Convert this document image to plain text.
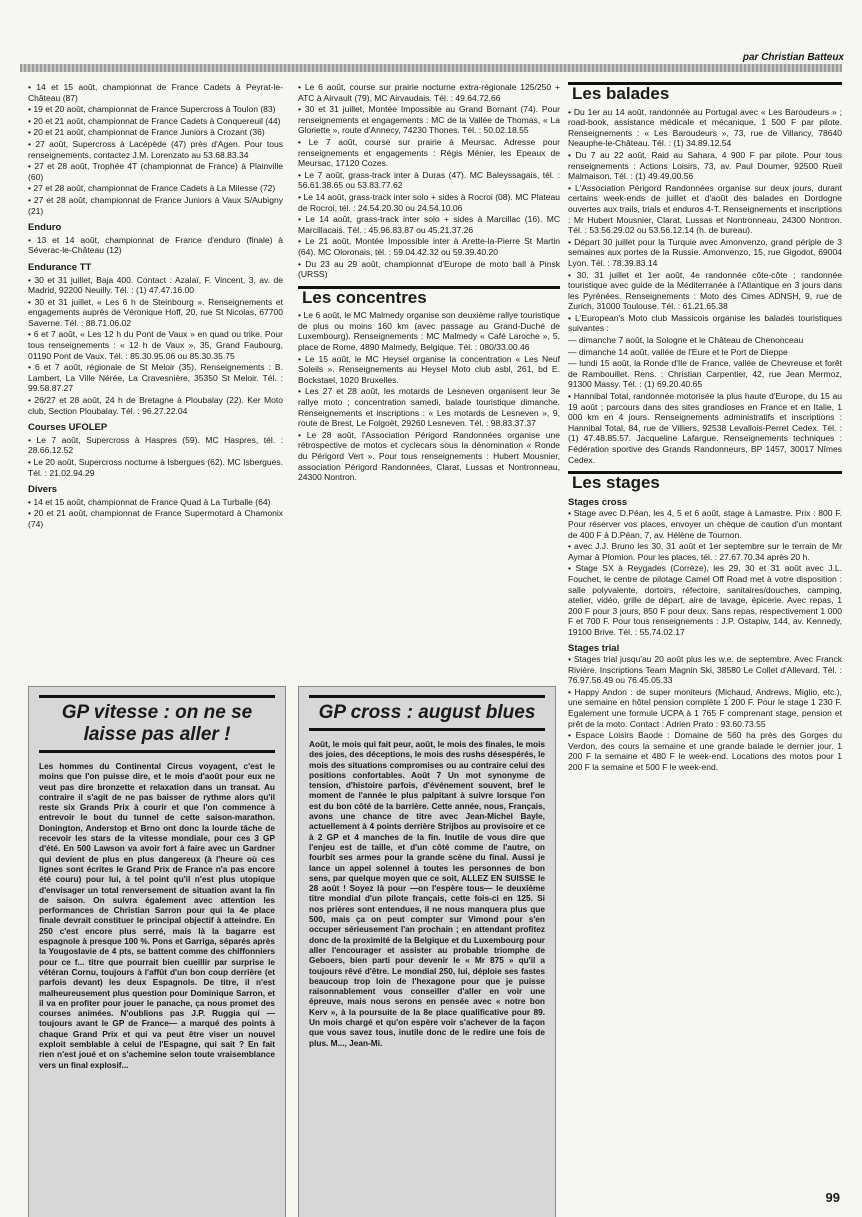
par Christian Batteux
• 14 et 15 août, championnat de France Cadets à Peyrat-le-Château (87)
• 19 et 20 août, championnat de France Supercross à Toulon (83)
• 20 et 21 août, championnat de France Cadets à Conquereuil (44)
• 20 et 21 août, championnat de France Juniors à Crozant (36)
• 27 août, Supercross à Lacépède (47) près d'Agen. Pour tous renseignements, contactez J.M. Lorenzato au 53.68.83.34
• 27 et 28 août, Trophée 4T (championnat de France) à Plainville (60)
• 27 et 28 août, championnat de France Cadets à La Milesse (72)
• 27 et 28 août, championnat de France Juniors à Vaux S/Aubigny (21)
Enduro
• 13 et 14 août, championnat de France d'enduro (finale) à Séverac-le-Château (12)
Endurance TT
• 30 et 31 juillet, Baja 400. Contact : Azalaï, F. Vincent, 3, av. de Madrid, 92200 Neuilly. Tél. : (1) 47.47.16.00
• 30 et 31 juillet, « Les 6 h de Steinbourg ». Renseignements et engagements auprès de Véronique Hoff, 20, rue St Nicolas, 67700 Saverne. Tél. : 88.71.06.02
• 6 et 7 août, « Les 12 h du Pont de Vaux » en quad ou trike. Pour tous renseignements : « 12 h de Vaux », 35, Grand Faubourg, 01190 Pont de Vaux. Tél. : 85.30.95.06 ou 85.30.35.75
• 6 et 7 août, régionale de St Meloir (35). Renseignements : B. Lambert, La Ville Nérée, La Cravesnière, 35350 St Meloir. Tél. : 99.58.87.27
• 26/27 et 28 août, 24 h de Bretagne à Ploubalay (22). Ker Moto club, Section Ploubalay. Tél. : 96.27.22.04
Courses UFOLEP
• Le 7 août, Supercross à Haspres (59). MC Haspres, tél. : 28.66.12.52
• Le 20 août, Supercross nocturne à Isbergues (62). MC Isbergues. Tél. : 21.02.94.29
Divers
• 14 et 15 août, championnat de France Quad à La Turballe (64)
• 20 et 21 août, championnat de France Supermotard à Chamonix (74)
• Le 6 août, course sur prairie nocturne extra-régionale 125/250 + ATC à Airvault (79), MC Airvaudais. Tél. : 49.64.72.66
• 30 et 31 juillet, Montée Impossible au Grand Bornant (74). Pour renseignements et engagements : MC de la Vallée de Thomas, « La Gloriette », route d'Annecy, 74230 Thones. Tél. : 50.02.18.55
• Le 7 août, course sur prairie à Meursac. Adresse pour renseignements et engagements : Régis Ménier, les Epeaux de Meursac, 17120 Cozes.
• Le 7 août, grass-track inter à Duras (47). MC Baleyssagais, tél. : 56.61.38.65 ou 53.83.77.62
• Le 14 août, grass-track inter solo + sides à Rocroi (08). MC Plateau de Rocroi, tél. : 24.54.20.30 ou 24.54.10.06
• Le 14 août, grass-track inter solo + sides à Marcillac (16). MC Marcillacais. Tél. : 45.96.83.87 ou 45.21.37.26
• Le 21 août, Montée Impossible inter à Arette-la-Pierre St Martin (64). MC Oloronais, tél. : 59.04.42.32 ou 59.39.40.20
• Du 23 au 29 août, championnat d'Europe de moto ball à Pinsk (URSS)
Les concentres
• Le 6 août, le MC Malmedy organise son deuxième rallye touristique de plus ou moins 160 km (avec passage au Grand-Duché de Luxembourg). Renseignements : MC Malmedy « Café Laroche », 5, place de Rome, 4890 Malmedy, Belgique. Tél. : 080/33.00.46
• Le 15 août, le MC Heysel organise la concentration « Les Neuf Soleils ». Renseignements au Heysel Moto club asbl, 261, bd E. Bockstael, 1020 Bruxelles.
• Les 27 et 28 août, les motards de Lesneven organisent leur 3e rallye moto ; concentration samedi, balade touristique dimanche. Renseignements et inscriptions : « Les motards de Lesneven », 9, route de Brest, Le Folgoët, 29260 Lesneven. Tél. : 98.83.37.37
• Le 28 août, l'Association Périgord Randonnées organise une rétrospective de motos et cyclecars sous la dénomination « Ronde du Périgord Vert ». Pour tous renseignements : Hubert Mousnier, association Périgord Randonnées, Clarat, Lussas et Nontronneau, 24300 Nontron.
Les balades
• Du 1er au 14 août, randonnée au Portugal avec « Les Baroudeurs » ; road-book, assistance médicale et mécanique, 1 500 F par pilote. Renseignements : « Les Baroudeurs », 73, rue de Villancy, 78640 Neauphe-le-Château. Tél. : (1) 34.89.12.54
• Du 7 au 22 août, Raid au Sahara, 4 900 F par pilote. Pour tous renseignements : Actions Loisirs, 73, av. Paul Doumer, 92500 Rueil Malmaison. Tél. : (1) 49.49.00.56
• L'Association Périgord Randonnées organise sur deux jours, durant certains week-ends de juillet et d'août des balades en Dordogne ouvertes aux trails, trials et enduros 4-T. Renseignements et inscriptions : Mr Hubert Mousnier, Clarat, Lussas et Nontronneau, 24300 Nontron. Tél. : 53.56.29.02 ou 53.56.12.14 (h. de bureau).
• Départ 30 juillet pour la Turquie avec Amonvenzo, grand périple de 3 semaines aux portes de la Russie. Amonvenzo, 15, rue Gigodot, 69004 Lyon. Tél. : 78.39.83.14
• 30, 31 juillet et 1er août, 4e randonnée côte-côte ; randonnée touristique avec guide de la Méditerranée à l'Atlantique en 3 jours dans les Pyrénées. Renseignements : Moto des Cimes ADNSH, 9, rue de Zurich, 31000 Toulouse. Tél. : 61.21.65.38
• L'European's Moto club Massicois organise les balades touristiques suivantes :
— dimanche 7 août, la Sologne et le Château de Chenonceau
— dimanche 14 août, vallée de l'Eure et le Port de Dieppe
— lundi 15 août, la Ronde d'Ile de France, vallée de Chevreuse et forêt de Rambouillet. Rens. : Christian Carpentier, 42, rue Jean Mermoz, 91300 Massy. Tél. : (1) 69.20.40.65
• Hannibal Total, randonnée motorisée la plus haute d'Europe, du 15 au 19 août ; parcours dans des sites grandioses en France et en Italie, 1 000 km en 4 jours. Renseignements administratifs et inscriptions : Hannibal Total, 84, rue de Villiers, 92538 Levallois-Perret Cedex. Tél. : (1) 47.48.85.57. Jacqueline Lafargue. Renseignements techniques : Fédération sportive des Grands Randonneurs, BP 1457, 30017 Nîmes Cedex.
Les stages
Stages cross
• Stage avec D.Péan, les 4, 5 et 6 août, stage à Lamastre. Prix : 800 F. Pour réserver vos places, envoyer un chèque de caution d'un montant de 400 F à D.Péan, 7, av. Hélène de Tournon.
• avec J.J. Bruno les 30, 31 août et 1er septembre sur le terrain de Mr Aymar à Plomion. Pour les places, tél. : 27.67.70.34 après 20 h.
• Stage SX à Reygades (Corrèze), les 29, 30 et 31 août avec J.L. Fouchet, le centre de pilotage Camel Off Road met à votre disposition : salle polyvalente, dortoirs, réfectoire, sanitaires/douches, camping, atelier, vidéo, grille de départ, aire de lavage, épicerie. Avec repas, 1 200 F pour 3 jours, 850 F pour deux. Sans repas, respectivement 1 000 F et 700 F. Pour tous renseignements : J.P. Ostapiw, 144, av. Kennedy, 19100 Brive. Tél. : 55.74.02.17
Stages trial
• Stages trial jusqu'au 20 août plus les w.e. de septembre. Avec Franck Rivière. Inscriptions Team Magnin Ski, 38580 Le Collet d'Allevard. Tél. : 76.97.56.49 ou 76.45.05.33
• Happy Andon : de super moniteurs (Michaud, Andrews, Miglio, etc.), une semaine en hôtel pension complète 1 200 F. Pour le stage 1 230 F. Egalement une formule UCPA à 1 765 F comprenant stage, pension et prêt de la moto. Contact : Adrien Prato : 93.60.73.55
• Espace Loisirs Baode : Domaine de 560 ha près des Gorges du Verdon, des cours la semaine et une grande balade le dernier jour. 1 200 F la semaine et 480 F le week-end. Locations des motos pour 1 200 F la semaine et 500 F le week-end.
GP vitesse : on ne se laisse pas aller !
Les hommes du Continental Circus voyagent, c'est le moins que l'on puisse dire, et le mois d'août pour eux ne veut pas dire bronzette et relaxation dans un transat. Au contraire il s'agit de ne pas baisser de rythme alors qu'il reste six Grands Prix à courir et que l'on commence à entrevoir le bout du tunnel de cette saison-marathon. Donington, Anderstop et Brno ont donc la lourde tâche de recevoir les stars de la vitesse mondiale, pour ces 3 GP d'été. En 500 Lawson va avoir fort à faire avec un Gardner qui devient de plus en plus dangereux (à l'heure où ces lignes sont écrites le Grand Prix de France n'a pas encore été couru) pour lui, à tel point qu'il n'est plus utopique d'envisager un total renversement de situation avant la fin de saison. On suivra également avec attention les performances de Christian Sarron pour qui la 4e place finale devrait constituer le principal objectif à atteindre. En 250 c'est encore plus serré, mais là la bagarre est espagnole à presque 100 %. Pons et Garriga, séparés après la Yougoslavie de 4 pts, se battent comme des chiffonniers pour ce f... titre que pourrait bien cueillir par surprise le vétéran Cornu, toujours à l'affût d'un bon coup derrière (et parfois devant) les deux Espagnols. De titre, il n'est malheureusement plus question pour Dominique Sarron, et il va en profiter pour jouer le panache, ça nous promet des courses animées. N'oublions pas J.P. Ruggia qui —toujours avant le GP de France— a marqué des points à chaque Grand Prix et qui va peut être viser un nouvel exploit semblable à celui de l'Espagne, qui sait ? En fait rien n'est joué et on s'achemine selon toute vraisemblance vers un final explosif...
GP cross : august blues
Août, le mois qui fait peur, août, le mois des finales, le mois des joies, des déceptions, le mois des rushs désespérés, le mois des situations compromises ou au contraire celui des positions confortables. Août 7 Un mot synonyme de tension, d'histoire parfois, d'événement souvent, bref le moment de l'année le plus palpitant à suivre lorsque l'on est du bon côté de la barrière. Cette année, nous, Français, avons une chance de titre avec Jean-Michel Bayle, actuellement à 4 points derrière Strijbos au provisoire et ce à 2 GP et 4 manches de la fin. Inutile de vous dire que l'enjeu est de taille, et d'un côté comme de l'autre, on fourbit ses armes pour la grande scène du final. Aussi je lance un appel solennel à toutes les personnes de bon sens, par quelque moyen que ce soit, ALLEZ EN SUISSE le 28 août ! Soyez là pour —on l'espère tous— le deuxième titre mondial d'un pilote français, cette fois-ci en 125. Si nos prières sont entendues, il ne nous manquera plus que 500, mais ça on peut compter sur Vimond pour s'en occuper sérieusement l'an prochain ; en attendant profitez donc de la proximité de la Belgique et du Luxembourg pour aller l'encourager et assister au probable triomphe de Geboers, bien parti pour devenir le « Mr 875 » qu'il a toujours rêvé d'être. Le mondial 250, lui, déploie ses fastes beaucoup trop loin de l'hexagone pour que je puisse raisonnablement vous conseiller d'aller en voir une épreuve, mais nous serons en pensée avec « notre bon Kerv », à la poursuite de la 8e place qualificative pour 89. Un mois chargé et qu'on espère voir s'achever de la façon que vous savez tous, inutile donc de le redire une fois de plus. M..., Jean-Mi.
99
